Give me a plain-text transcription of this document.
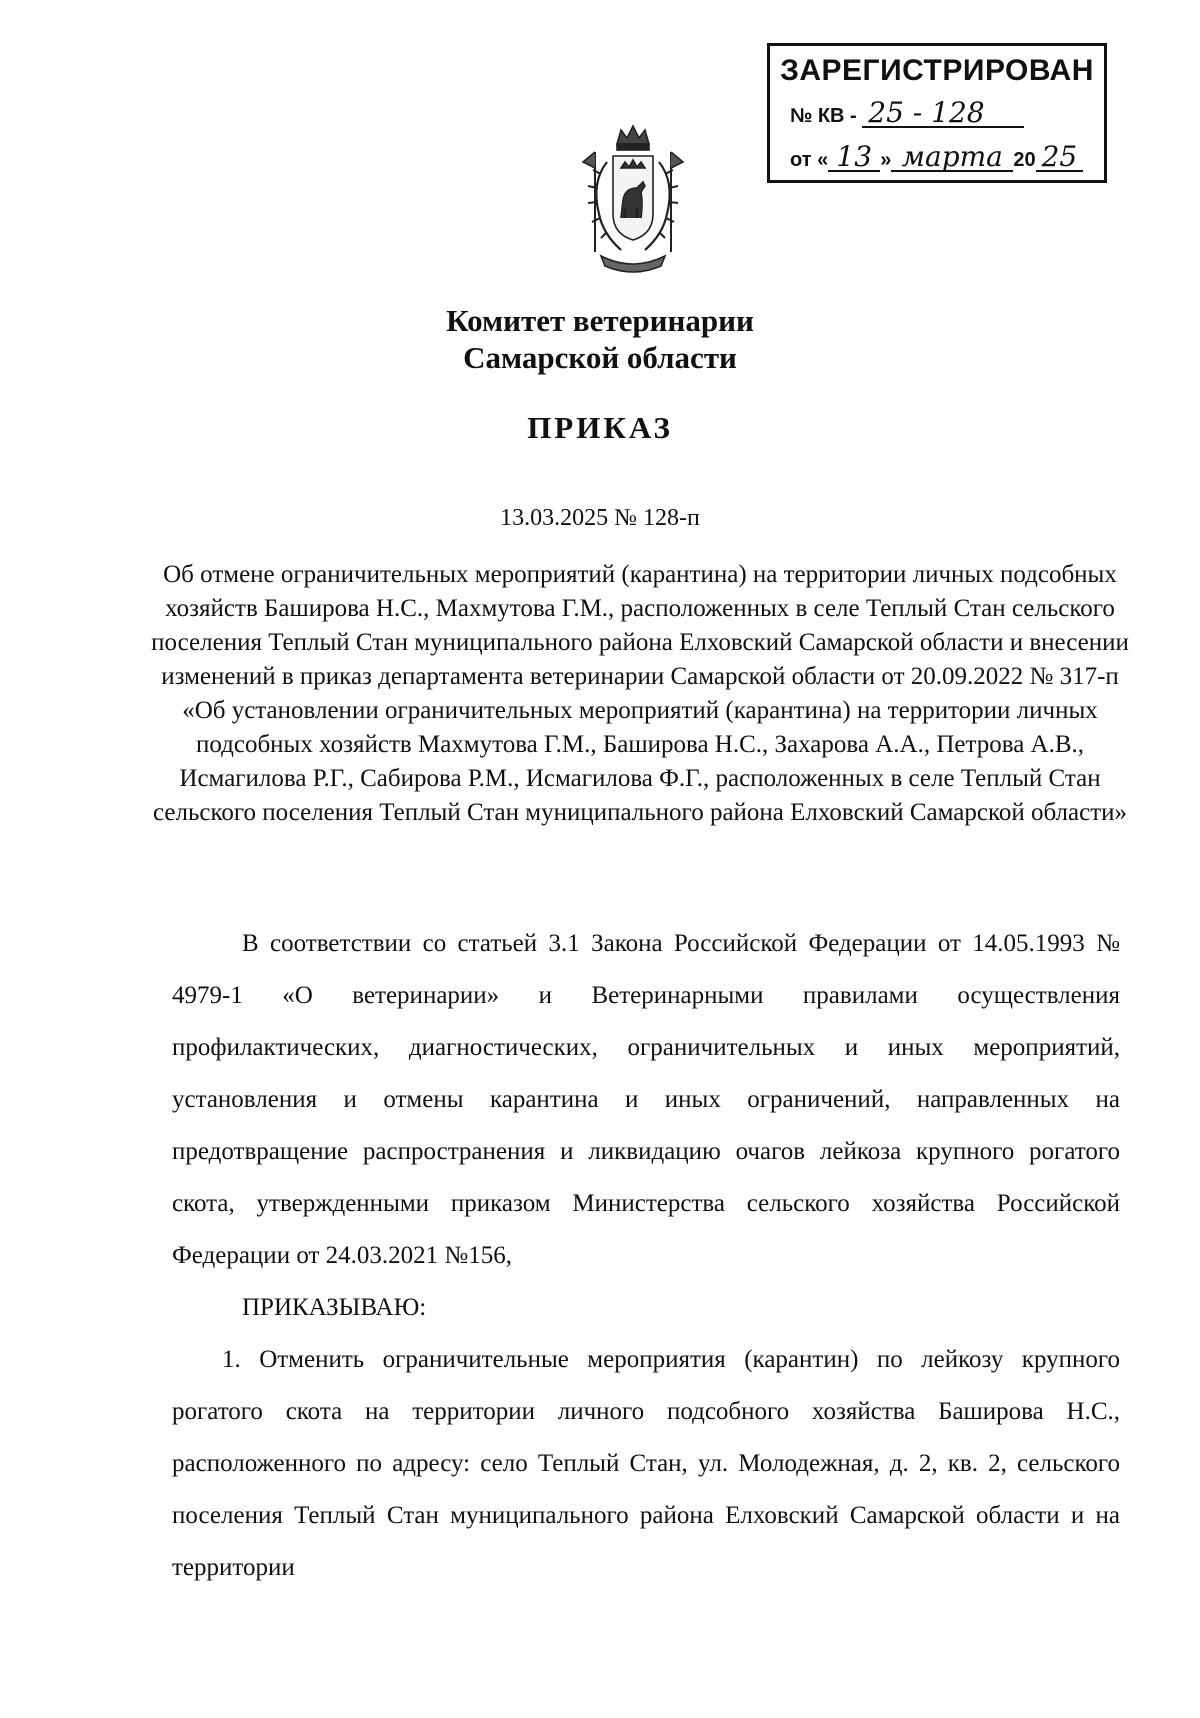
ЗАРЕГИСТРИРОВАН
№ КВ - 25 - 128
от « 13 » марта 20 25
Комитет ветеринарии
Самарской области
ПРИКАЗ
13.03.2025 № 128-п
Об отмене ограничительных мероприятий (карантина) на территории личных подсобных хозяйств Баширова Н.С., Махмутова Г.М., расположенных в селе Теплый Стан сельского поселения Теплый Стан муниципального района Елховский Самарской области и внесении изменений в приказ департамента ветеринарии Самарской области от 20.09.2022 № 317-п «Об установлении ограничительных мероприятий (карантина) на территории личных подсобных хозяйств Махмутова Г.М., Баширова Н.С., Захарова А.А., Петрова А.В., Исмагилова Р.Г., Сабирова Р.М., Исмагилова Ф.Г., расположенных в селе Теплый Стан сельского поселения Теплый Стан муниципального района Елховский Самарской области»

В соответствии со статьей 3.1 Закона Российской Федерации от 14.05.1993 № 4979-1 «О ветеринарии» и Ветеринарными правилами осуществления профилактических, диагностических, ограничительных и иных мероприятий, установления и отмены карантина и иных ограничений, направленных на предотвращение распространения и ликвидацию очагов лейкоза крупного рогатого скота, утвержденными приказом Министерства сельского хозяйства Российской Федерации от 24.03.2021 №156,
ПРИКАЗЫВАЮ:

1. Отменить ограничительные мероприятия (карантин) по лейкозу крупного рогатого скота на территории личного подсобного хозяйства Баширова Н.С., расположенного по адресу: село Теплый Стан, ул. Молодежная, д. 2, кв. 2, сельского поселения Теплый Стан муниципального района Елховский Самарской области и на территории
